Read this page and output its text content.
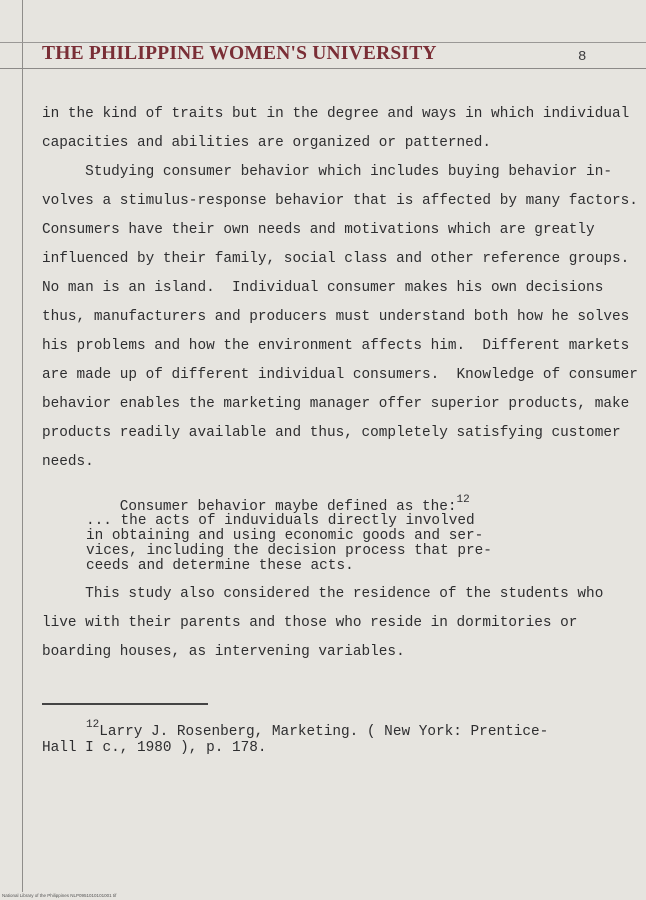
THE PHILIPPINE WOMEN'S UNIVERSITY	8
in the kind of traits but in the degree and ways in which individual
capacities and abilities are organized or patterned.
Studying consumer behavior which includes buying behavior in-
volves a stimulus-response behavior that is affected by many factors.
Consumers have their own needs and motivations which are greatly
influenced by their family, social class and other reference groups.
No man is an island.  Individual consumer makes his own decisions
thus, manufacturers and producers must understand both how he solves
his problems and how the environment affects him.  Different markets
are made up of different individual consumers.  Knowledge of consumer
behavior enables the marketing manager offer superior products, make
products readily available and thus, completely satisfying customer
needs.

Consumer behavior maybe defined as the:$^{12}$

... the acts of induviduals directly involved
in obtaining and using economic goods and ser-
vices, including the decision process that pre-
ceeds and determine these acts.
This study also considered the residence of the students who
live with their parents and those who reside in dormitories or
boarding houses, as intervening variables.
$^{12}$Larry J. Rosenberg, Marketing. ( New York: Prentice-
Hall I c., 1980 ), p. 178.
National Library of the Philippines NLP0951010101001 tif
